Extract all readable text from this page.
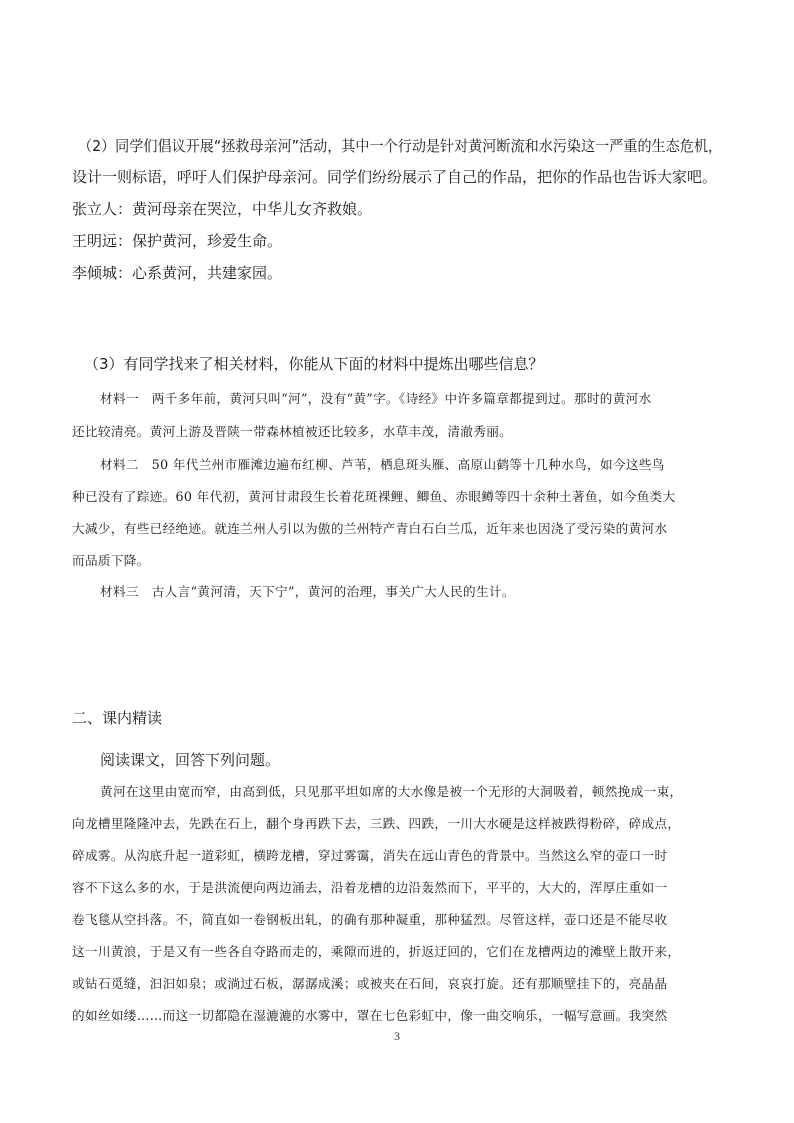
（2）同学们倡议开展“拯救母亲河”活动，其中一个行动是针对黄河断流和水污染这一严重的生态危机，
设计一则标语，呼吁人们保护母亲河。同学们纷纷展示了自己的作品，把你的作品也告诉大家吧。
张立人：黄河母亲在哭泣，中华儿女齐救娘。
王明远：保护黄河，珍爱生命。
李倾城：心系黄河，共建家园。
（3）有同学找来了相关材料，你能从下面的材料中提炼出哪些信息？
材料一　两千多年前，黄河只叫“河”，没有“黄”字。《诗经》中许多篇章都提到过。那时的黄河水
还比较清亮。黄河上游及晋陕一带森林植被还比较多，水草丰茂，清澈秀丽。
材料二　50 年代兰州市雁滩边遍布红柳、芦苇，栖息斑头雁、高原山鹤等十几种水鸟，如今这些鸟
种已没有了踪迹。60 年代初，黄河甘肃段生长着花斑裸鲤、鲫鱼、赤眼鳟等四十余种土著鱼，如今鱼类大
大减少，有些已经绝迹。就连兰州人引以为傲的兰州特产青白石白兰瓜，近年来也因浇了受污染的黄河水
而品质下降。
材料三　古人言“黄河清，天下宁”，黄河的治理，事关广大人民的生计。
二、课内精读
阅读课文，回答下列问题。
黄河在这里由宽而窄，由高到低，只见那平坦如席的大水像是被一个无形的大洞吸着，顿然挽成一束，
向龙槽里隆隆冲去，先跌在石上，翻个身再跌下去，三跌、四跌，一川大水硬是这样被跌得粉碎，碎成点，
碎成雾。从沟底升起一道彩虹，横跨龙槽，穿过雾霭，消失在远山青色的背景中。当然这么窄的壶口一时
容不下这么多的水，于是洪流便向两边涌去，沿着龙槽的边沿轰然而下，平平的，大大的，浑厚庄重如一
卷飞毯从空抖落。不，简直如一卷钢板出轧，的确有那种凝重，那种猛烈。尽管这样，壶口还是不能尽收
这一川黄浪，于是又有一些各自夺路而走的，乘隙而进的，折返迂回的，它们在龙槽两边的滩壁上散开来，
或钻石觅缝，汩汩如泉；或淌过石板，潺潺成溪；或被夹在石间，哀哀打旋。还有那顺壁挂下的，亮晶晶
的如丝如缕……而这一切都隐在湿漉漉的水雾中，罩在七色彩虹中，像一曲交响乐，一幅写意画。我突然
3
